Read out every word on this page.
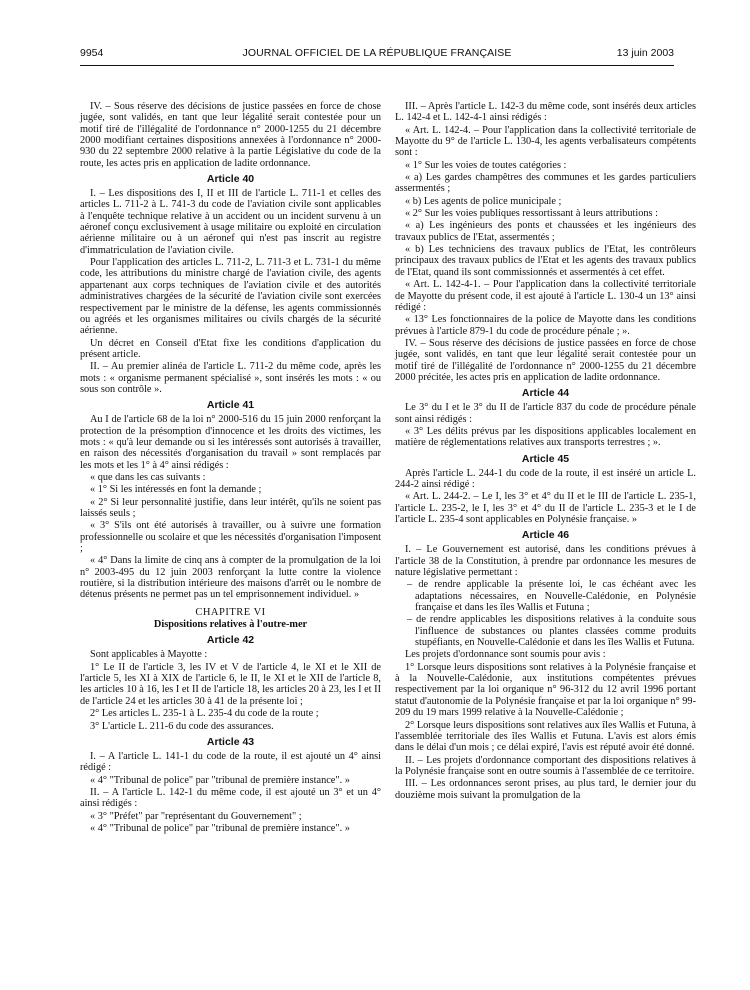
9954	JOURNAL OFFICIEL DE LA RÉPUBLIQUE FRANÇAISE	13 juin 2003

IV. – Sous réserve des décisions de justice passées en force de chose jugée, sont validés, en tant que leur légalité serait contestée pour un motif tiré de l'illégalité de l'ordonnance n° 2000-1255 du 21 décembre 2000 modifiant certaines dispositions annexées à l'ordonnance n° 2000-930 du 22 septembre 2000 relative à la partie Législative du code de la route, les actes pris en application de ladite ordonnance.

Article 40

I. – Les dispositions des I, II et III de l'article L. 711-1 et celles des articles L. 711-2 à L. 741-3 du code de l'aviation civile sont applicables à l'enquête technique relative à un accident ou un incident survenu à un aéronef conçu exclusivement à usage militaire ou exploité en circulation aérienne militaire ou à un aéronef qui n'est pas inscrit au registre d'immatriculation de l'aviation civile.

Pour l'application des articles L. 711-2, L. 711-3 et L. 731-1 du même code, les attributions du ministre chargé de l'aviation civile, des agents appartenant aux corps techniques de l'aviation civile et des autorités administratives chargées de la sécurité de l'aviation civile sont exercées respectivement par le ministre de la défense, les agents commissionnés ou agréés et les organismes militaires ou civils chargés de la sécurité aérienne.

Un décret en Conseil d'Etat fixe les conditions d'application du présent article.

II. – Au premier alinéa de l'article L. 711-2 du même code, après les mots : « organisme permanent spécialisé », sont insérés les mots : « ou sous son contrôle ».

Article 41

Au I de l'article 68 de la loi n° 2000-516 du 15 juin 2000 renforçant la protection de la présomption d'innocence et les droits des victimes, les mots : « qu'à leur demande ou si les intéressés sont autorisés à travailler, en raison des nécessités d'organisation du travail » sont remplacés par les mots et les 1° à 4° ainsi rédigés :

« que dans les cas suivants :

« 1° Si les intéressés en font la demande ;

« 2° Si leur personnalité justifie, dans leur intérêt, qu'ils ne soient pas laissés seuls ;

« 3° S'ils ont été autorisés à travailler, ou à suivre une formation professionnelle ou scolaire et que les nécessités d'organisation l'imposent ;

« 4° Dans la limite de cinq ans à compter de la promulgation de la loi n° 2003-495 du 12 juin 2003 renforçant la lutte contre la violence routière, si la distribution intérieure des maisons d'arrêt ou le nombre de détenus présents ne permet pas un tel emprisonnement individuel. »

CHAPITRE VI
Dispositions relatives à l'outre-mer
Article 42

Sont applicables à Mayotte :

1° Le II de l'article 3, les IV et V de l'article 4, le XI et le XII de l'article 5, les XI à XIX de l'article 6, le II, le XI et le XII de l'article 8, les articles 10 à 16, les I et II de l'article 18, les articles 20 à 23, les I et II de l'article 24 et les articles 30 à 41 de la présente loi ;

2° Les articles L. 235-1 à L. 235-4 du code de la route ;

3° L'article L. 211-6 du code des assurances.

Article 43

I. – A l'article L. 141-1 du code de la route, il est ajouté un 4° ainsi rédigé :

« 4° "Tribunal de police" par "tribunal de première instance". »

II. – A l'article L. 142-1 du même code, il est ajouté un 3° et un 4° ainsi rédigés :

« 3° "Préfet" par "représentant du Gouvernement" ;

« 4° "Tribunal de police" par "tribunal de première instance". »

III. – Après l'article L. 142-3 du même code, sont insérés deux articles L. 142-4 et L. 142-4-1 ainsi rédigés :

« Art. L. 142-4. – Pour l'application dans la collectivité territoriale de Mayotte du 9° de l'article L. 130-4, les agents verbalisateurs compétents sont :

« 1° Sur les voies de toutes catégories :

« a) Les gardes champêtres des communes et les gardes particuliers assermentés ;

« b) Les agents de police municipale ;

« 2° Sur les voies publiques ressortissant à leurs attributions :

« a) Les ingénieurs des ponts et chaussées et les ingénieurs des travaux publics de l'Etat, assermentés ;

« b) Les techniciens des travaux publics de l'Etat, les contrôleurs principaux des travaux publics de l'Etat et les agents des travaux publics de l'Etat, quand ils sont commissionnés et assermentés à cet effet.

« Art. L. 142-4-1. – Pour l'application dans la collectivité territoriale de Mayotte du présent code, il est ajouté à l'article L. 130-4 un 13° ainsi rédigé :

« 13° Les fonctionnaires de la police de Mayotte dans les conditions prévues à l'article 879-1 du code de procédure pénale ; ».

IV. – Sous réserve des décisions de justice passées en force de chose jugée, sont validés, en tant que leur légalité serait contestée pour un motif tiré de l'illégalité de l'ordonnance n° 2000-1255 du 21 décembre 2000 précitée, les actes pris en application de ladite ordonnance.

Article 44

Le 3° du I et le 3° du II de l'article 837 du code de procédure pénale sont ainsi rédigés :

« 3° Les délits prévus par les dispositions applicables localement en matière de réglementations relatives aux transports terrestres ; ».

Article 45

Après l'article L. 244-1 du code de la route, il est inséré un article L. 244-2 ainsi rédigé :

« Art. L. 244-2. – Le I, les 3° et 4° du II et le III de l'article L. 235-1, l'article L. 235-2, le I, les 3° et 4° du II de l'article L. 235-3 et le I de l'article L. 235-4 sont applicables en Polynésie française. »

Article 46

I. – Le Gouvernement est autorisé, dans les conditions prévues à l'article 38 de la Constitution, à prendre par ordonnance les mesures de nature législative permettant :

– de rendre applicable la présente loi, le cas échéant avec les adaptations nécessaires, en Nouvelle-Calédonie, en Polynésie française et dans les îles Wallis et Futuna ;

– de rendre applicables les dispositions relatives à la conduite sous l'influence de substances ou plantes classées comme produits stupéfiants, en Nouvelle-Calédonie et dans les îles Wallis et Futuna.

Les projets d'ordonnance sont soumis pour avis :

1° Lorsque leurs dispositions sont relatives à la Polynésie française et à la Nouvelle-Calédonie, aux institutions compétentes prévues respectivement par la loi organique n° 96-312 du 12 avril 1996 portant statut d'autonomie de la Polynésie française et par la loi organique n° 99-209 du 19 mars 1999 relative à la Nouvelle-Calédonie ;

2° Lorsque leurs dispositions sont relatives aux îles Wallis et Futuna, à l'assemblée territoriale des îles Wallis et Futuna. L'avis est alors émis dans le délai d'un mois ; ce délai expiré, l'avis est réputé avoir été donné.

II. – Les projets d'ordonnance comportant des dispositions relatives à la Polynésie française sont en outre soumis à l'assemblée de ce territoire.

III. – Les ordonnances seront prises, au plus tard, le dernier jour du douzième mois suivant la promulgation de la
